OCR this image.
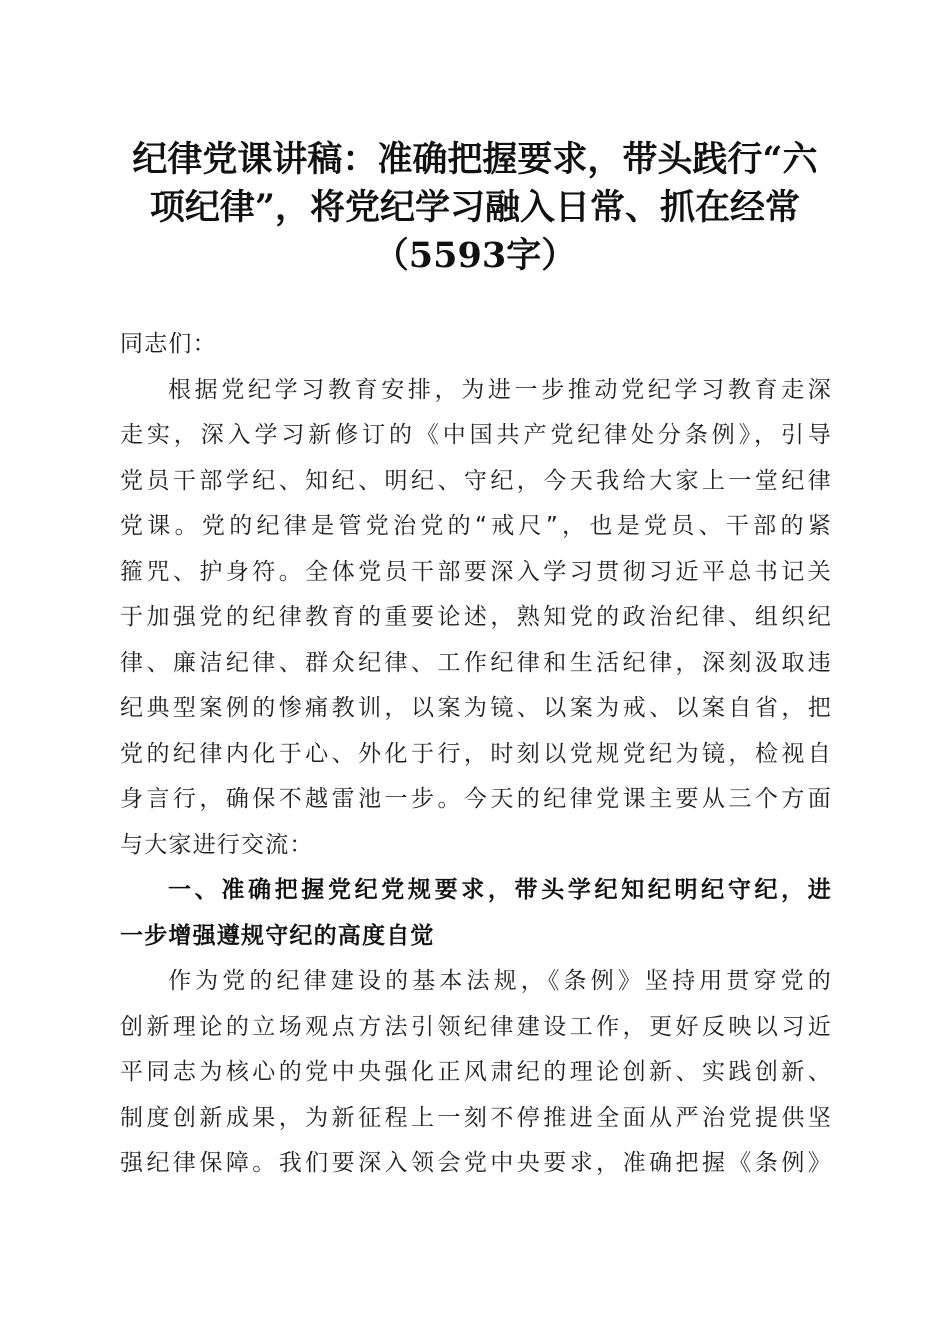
纪律党课讲稿：准确把握要求，带头践行“六
项纪律”，将党纪学习融入日常、抓在经常
（5593字）
同志们：
根据党纪学习教育安排，为进一步推动党纪学习教育走深
走实，深入学习新修订的《中国共产党纪律处分条例》，引导
党员干部学纪、知纪、明纪、守纪，今天我给大家上一堂纪律
党课。党的纪律是管党治党的“戒尺”，也是党员、干部的紧
箍咒、护身符。全体党员干部要深入学习贯彻习近平总书记关
于加强党的纪律教育的重要论述，熟知党的政治纪律、组织纪
律、廉洁纪律、群众纪律、工作纪律和生活纪律，深刻汲取违
纪典型案例的惨痛教训，以案为镜、以案为戒、以案自省，把
党的纪律内化于心、外化于行，时刻以党规党纪为镜，检视自
身言行，确保不越雷池一步。今天的纪律党课主要从三个方面
与大家进行交流：
一、准确把握党纪党规要求，带头学纪知纪明纪守纪，进
一步增强遵规守纪的高度自觉
作为党的纪律建设的基本法规，《条例》坚持用贯穿党的
创新理论的立场观点方法引领纪律建设工作，更好反映以习近
平同志为核心的党中央强化正风肃纪的理论创新、实践创新、
制度创新成果，为新征程上一刻不停推进全面从严治党提供坚
强纪律保障。我们要深入领会党中央要求，准确把握《条例》
